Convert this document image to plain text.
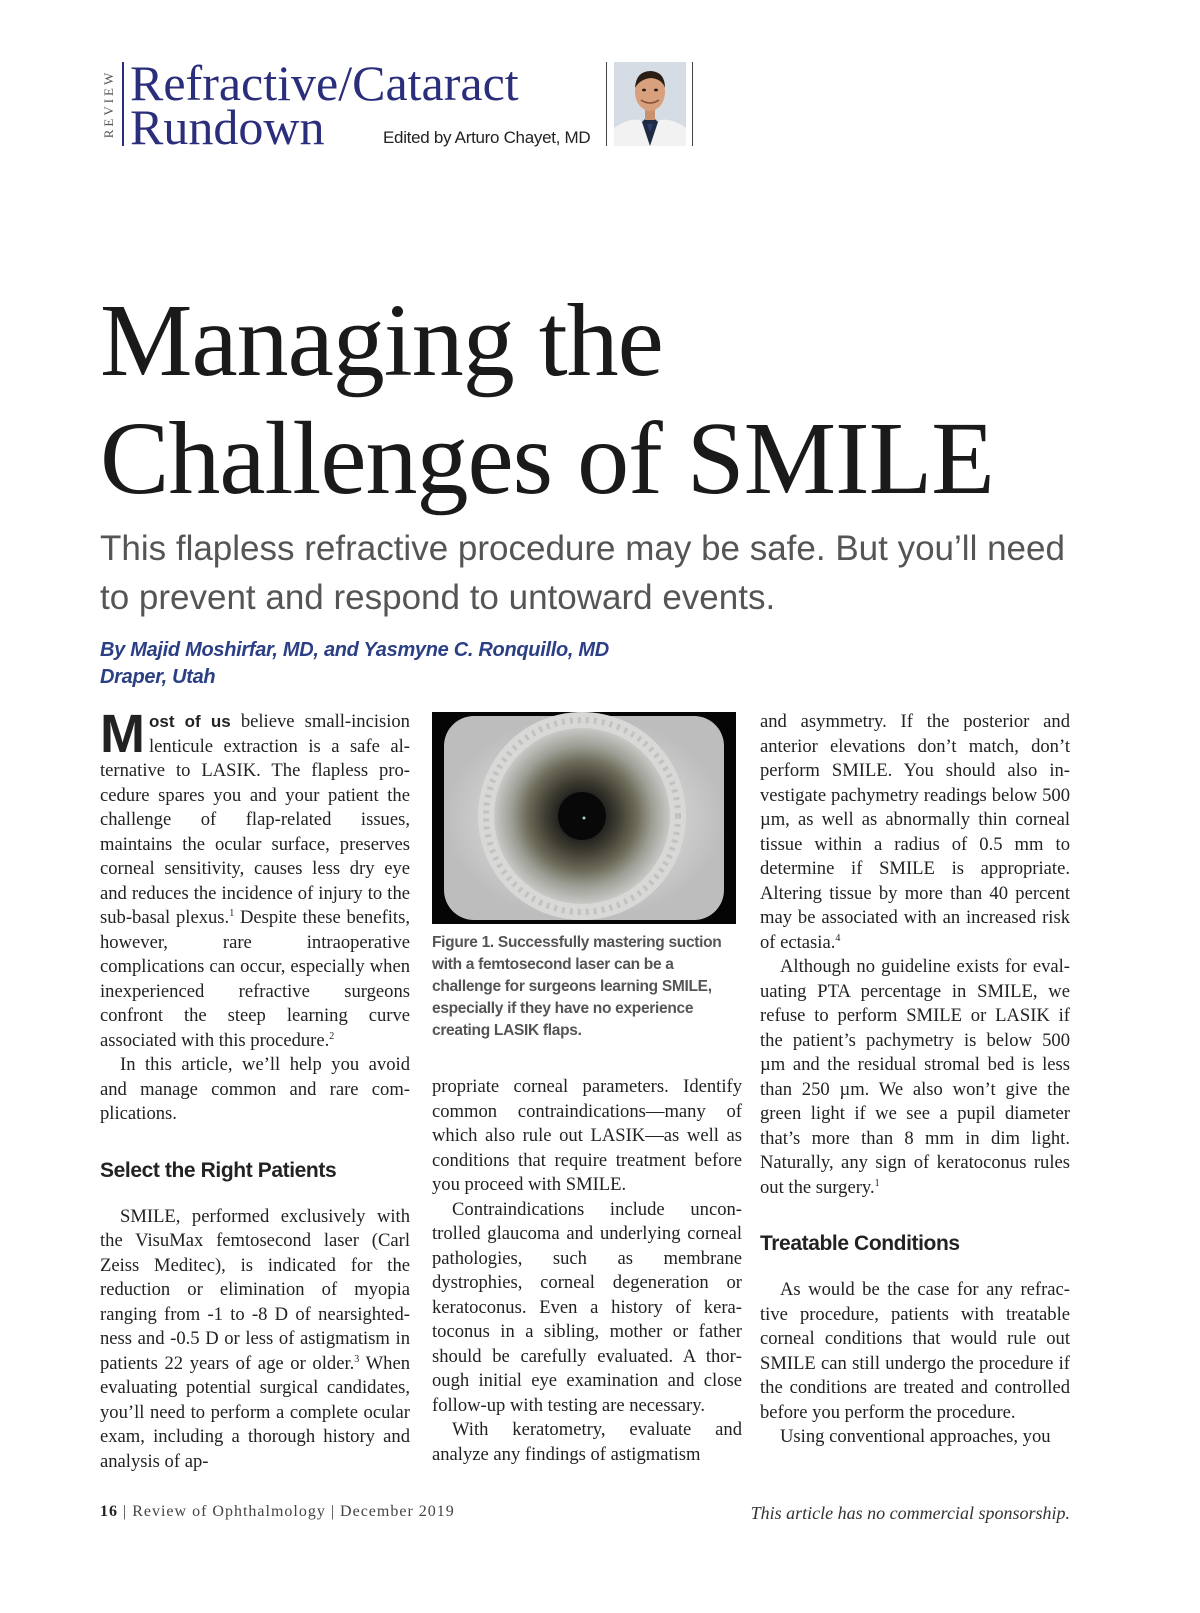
REVIEW Refractive/Cataract
Rundown	Edited by Arturo Chayet, MD
Managing the
Challenges of SMILE

This flapless refractive procedure may be safe. But you’ll need to prevent and respond to untoward events.

By Majid Moshirfar, MD, and Yasmyne C. Ronquillo, MD
Draper, Utah

Most of us believe small-incision lenticule extraction is a safe alternative to LASIK. The flapless procedure spares you and your patient the challenge of flap-related issues, maintains the ocular surface, preserves corneal sensitivity, causes less dry eye and reduces the incidence of injury to the sub-basal plexus.$^1$ Despite these benefits, however, rare intraoperative complications can occur, especially when inexperienced refractive surgeons confront the steep learning curve associated with this procedure.$^2$

In this article, we’ll help you avoid and manage common and rare complications.

Select the Right Patients

SMILE, performed exclusively with the VisuMax femtosecond laser (Carl Zeiss Meditec), is indicated for the reduction or elimination of myopia ranging from -1 to -8 D of nearsightedness and -0.5 D or less of astigmatism in patients 22 years of age or older.$^3$ When evaluating potential surgical candidates, you’ll need to perform a complete ocular exam, including a thorough history and analysis of ap-

Figure 1. Successfully mastering suction with a femtosecond laser can be a challenge for surgeons learning SMILE, especially if they have no experience creating LASIK flaps.

propriate corneal parameters. Identify common contraindications—many of which also rule out LASIK—as well as conditions that require treatment before you proceed with SMILE.

Contraindications include uncontrolled glaucoma and underlying corneal pathologies, such as membrane dystrophies, corneal degeneration or keratoconus. Even a history of keratoconus in a sibling, mother or father should be carefully evaluated. A thorough initial eye examination and close follow-up with testing are necessary.

With keratometry, evaluate and analyze any findings of astigmatism

and asymmetry. If the posterior and anterior elevations don’t match, don’t perform SMILE. You should also investigate pachymetry readings below 500 µm, as well as abnormally thin corneal tissue within a radius of 0.5 mm to determine if SMILE is appropriate. Altering tissue by more than 40 percent may be associated with an increased risk of ectasia.$^4$

Although no guideline exists for evaluating PTA percentage in SMILE, we refuse to perform SMILE or LASIK if the patient’s pachymetry is below 500 µm and the residual stromal bed is less than 250 µm. We also won’t give the green light if we see a pupil diameter that’s more than 8 mm in dim light. Naturally, any sign of keratoconus rules out the surgery.$^1$

Treatable Conditions

As would be the case for any refractive procedure, patients with treatable corneal conditions that would rule out SMILE can still undergo the procedure if the conditions are treated and controlled before you perform the procedure.

Using conventional approaches, you

16 | Review of Ophthalmology | December 2019	This article has no commercial sponsorship.
